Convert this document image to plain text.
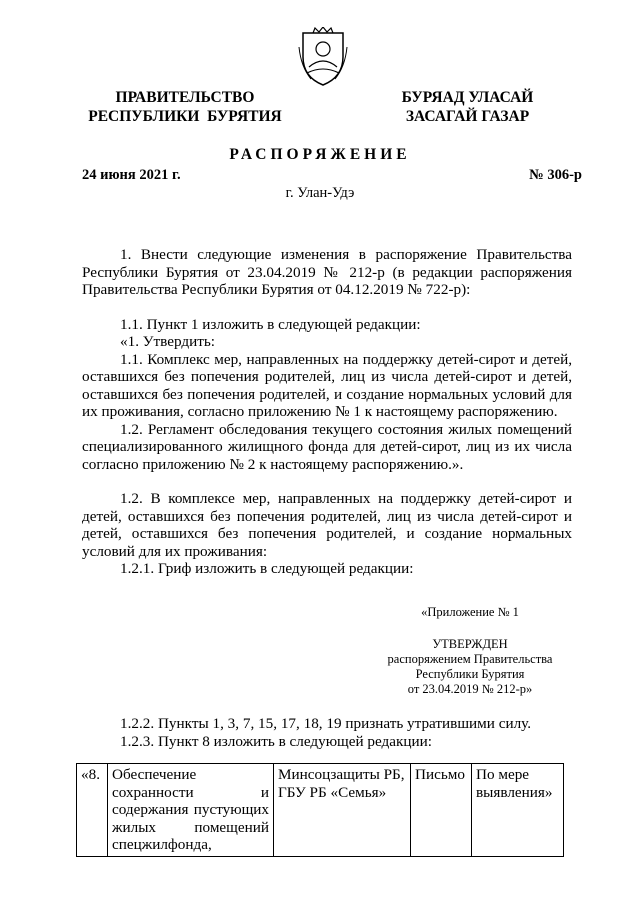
ПРАВИТЕЛЬСТВО
РЕСПУБЛИКИ  БУРЯТИЯ
БУРЯАД УЛАСАЙ
ЗАСАГАЙ ГАЗАР
РАСПОРЯЖЕНИЕ
24 июня 2021 г.	№ 306-р
г. Улан-Удэ

1. Внести следующие изменения в распоряжение Правительства Республики Бурятия от 23.04.2019 № 212-р (в редакции распоряжения Правительства Республики Бурятия от 04.12.2019 № 722-р):

1.1. Пункт 1 изложить в следующей редакции:

«1. Утвердить:

1.1. Комплекс мер, направленных на поддержку детей-сирот и детей, оставшихся без попечения родителей, лиц из числа детей-сирот и детей, оставшихся без попечения родителей, и создание нормальных условий для их проживания, согласно приложению № 1 к настоящему распоряжению.

1.2. Регламент обследования текущего состояния жилых помещений специализированного жилищного фонда для детей-сирот, лиц из их числа согласно приложению № 2 к настоящему распоряжению.».

1.2. В комплексе мер, направленных на поддержку детей-сирот и детей, оставшихся без попечения родителей, лиц из числа детей-сирот и детей, оставшихся без попечения родителей, и создание нормальных условий для их проживания:

1.2.1. Гриф изложить в следующей редакции:

«Приложение № 1
УТВЕРЖДЕН
распоряжением Правительства
Республики Бурятия
от 23.04.2019 № 212-р»

1.2.2. Пункты 1, 3, 7, 15, 17, 18, 19 признать утратившими силу.

1.2.3. Пункт 8 изложить в следующей редакции:

«8.	Обеспечение сохранности и содержания пустующих жилых помещений спецжилфонда,	Минсоцзащиты РБ, ГБУ РБ «Семья»	Письмо	По мере выявления»
